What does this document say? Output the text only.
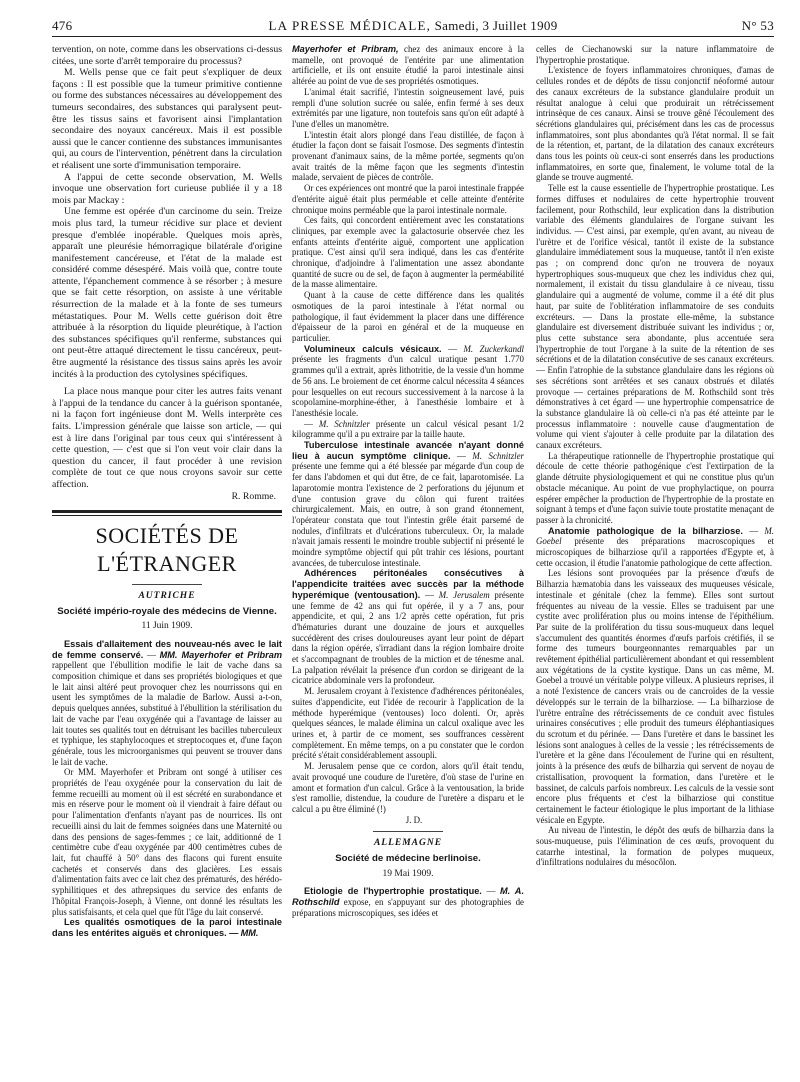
476	LA PRESSE MÉDICALE, Samedi, 3 Juillet 1909	N° 53

tervention, on note, comme dans les observations ci-dessus citées, une sorte d'arrêt temporaire du processus?

M. Wells pense que ce fait peut s'expliquer de deux façons : Il est possible que la tumeur primitive contienne ou forme des substances nécessaires au développement des tumeurs secondaires, des substances qui paralysent peut-être les tissus sains et favorisent ainsi l'implantation secondaire des noyaux cancéreux. Mais il est possible aussi que le cancer contienne des substances immunisantes qui, au cours de l'intervention, pénètrent dans la circulation et réalisent une sorte d'immunisation temporaire.

A l'appui de cette seconde observation, M. Wells invoque une observation fort curieuse publiée il y a 18 mois par Mackay :

Une femme est opérée d'un carcinome du sein. Treize mois plus tard, la tumeur récidive sur place et devient presque d'emblée inopérable. Quelques mois après, apparaît une pleurésie hémorragique bilatérale d'origine manifestement cancéreuse, et l'état de la malade est considéré comme désespéré. Mais voilà que, contre toute attente, l'épanchement commence à se résorber ; à mesure que se fait cette résorption, on assiste à une véritable résurrection de la malade et à la fonte de ses tumeurs métastatiques. Pour M. Wells cette guérison doit être attribuée à la résorption du liquide pleurétique, à l'action des substances spécifiques qu'il renferme, substances qui ont peut-être attaqué directement le tissu cancéreux, peut-être augmenté la résistance des tissus sains après les avoir incités à la production des cytolysines spécifiques.

La place nous manque pour citer les autres faits venant à l'appui de la tendance du cancer à la guérison spontanée, ni la façon fort ingénieuse dont M. Wells interprète ces faits. L'impression générale que laisse son article, — qui est à lire dans l'original par tous ceux qui s'intéressent à cette question, — c'est que si l'on veut voir clair dans la question du cancer, il faut procéder à une revision complète de tout ce que nous croyons savoir sur cette affection.

R. Romme.

SOCIÉTÉS DE L'ÉTRANGER
AUTRICHE
Société império-royale des médecins de Vienne.
11 Juin 1909.

Essais d'allaitement des nouveau-nés avec le lait de femme conservé. — MM. Mayerhofer et Pribram rappellent que l'ébullition modifie le lait de vache dans sa composition chimique et dans ses propriétés biologiques et que le lait ainsi altéré peut provoquer chez les nourrissons qui en usent les symptômes de la maladie de Barlow. Aussi a-t-on, depuis quelques années, substitué à l'ébullition la stérilisation du lait de vache par l'eau oxygénée qui a l'avantage de laisser au lait toutes ses qualités tout en détruisant les bacilles tuberculeux et typhique, les staphylocoques et streptocoques et, d'une façon générale, tous les microorganismes qui peuvent se trouver dans le lait de vache.

Or MM. Mayerhofer et Pribram ont songé à utiliser ces propriétés de l'eau oxygénée pour la conservation du lait de femme recueilli au moment où il est sécrété en surabondance et mis en réserve pour le moment où il viendrait à faire défaut ou pour l'alimentation d'enfants n'ayant pas de nourrices. Ils ont recueilli ainsi du lait de femmes soignées dans une Maternité ou dans des pensions de sages-femmes ; ce lait, additionné de 1 centimètre cube d'eau oxygénée par 400 centimètres cubes de lait, fut chauffé à 50° dans des flacons qui furent ensuite cachetés et conservés dans des glacières. Les essais d'alimentation faits avec ce lait chez des prématurés, des hérédo-syphilitiques et des athrepsiques du service des enfants de l'hôpital François-Joseph, à Vienne, ont donné les résultats les plus satisfaisants, et cela quel que fût l'âge du lait conservé.

Les qualités osmotiques de la paroi intestinale dans les entérites aiguës et chroniques. — MM.

Mayerhofer et Pribram, chez des animaux encore à la mamelle, ont provoqué de l'entérite par une alimentation artificielle, et ils ont ensuite étudié la paroi intestinale ainsi altérée au point de vue de ses propriétés osmotiques.

L'animal était sacrifié, l'intestin soigneusement lavé, puis rempli d'une solution sucrée ou salée, enfin fermé à ses deux extrémités par une ligature, non toutefois sans qu'on eût adapté à l'une d'elles un manomètre.

L'intestin était alors plongé dans l'eau distillée, de façon à étudier la façon dont se faisait l'osmose. Des segments d'intestin provenant d'animaux sains, de la même portée, segments qu'on avait traités de la même façon que les segments d'intestin malade, servaient de pièces de contrôle.

Or ces expériences ont montré que la paroi intestinale frappée d'entérite aiguë était plus perméable et celle atteinte d'entérite chronique moins perméable que la paroi intestinale normale.

Ces faits, qui concordent entièrement avec les constatations cliniques, par exemple avec la galactosurie observée chez les enfants atteints d'entérite aiguë, comportent une application pratique. C'est ainsi qu'il sera indiqué, dans les cas d'entérite chronique, d'adjoindre à l'alimentation une assez abondante quantité de sucre ou de sel, de façon à augmenter la perméabilité de la masse alimentaire.

Quant à la cause de cette différence dans les qualités osmotiques de la paroi intestinale à l'état normal ou pathologique, il faut évidemment la placer dans une différence d'épaisseur de la paroi en général et de la muqueuse en particulier.

Volumineux calculs vésicaux. — M. Zuckerkandl présente les fragments d'un calcul uratique pesant 1.770 grammes qu'il a extrait, après lithotritie, de la vessie d'un homme de 56 ans. Le broiement de cet énorme calcul nécessita 4 séances pour lesquelles on eut recours successivement à la narcose à la scopolamine-morphine-éther, à l'anesthésie lombaire et à l'anesthésie locale.

— M. Schnitzler présente un calcul vésical pesant 1/2 kilogramme qu'il a pu extraire par la taille haute.

Tuberculose intestinale avancée n'ayant donné lieu à aucun symptôme clinique. — M. Schnitzler présente une femme qui a été blessée par mégarde d'un coup de fer dans l'abdomen et qui dut être, de ce fait, laparotomisée. La laparotomie montra l'existence de 2 perforations du jéjunum et d'une contusion grave du côlon qui furent traitées chirurgicalement. Mais, en outre, à son grand étonnement, l'opérateur constata que tout l'intestin grêle était parsemé de nodules, d'infiltrats et d'ulcérations tuberculeux. Or, la malade n'avait jamais ressenti le moindre trouble subjectif ni présenté le moindre symptôme objectif qui pût trahir ces lésions, pourtant avancées, de tuberculose intestinale.

Adhérences péritonéales consécutives à l'appendicite traitées avec succès par la méthode hyperémique (ventousation). — M. Jerusalem présente une femme de 42 ans qui fut opérée, il y a 7 ans, pour appendicite, et qui, 2 ans 1/2 après cette opération, fut pris d'hématuries durant une douzaine de jours et auxquelles succédèrent des crises douloureuses ayant leur point de départ dans la région opérée, s'irradiant dans la région lombaire droite et s'accompagnant de troubles de la miction et de ténesme anal. La palpation révélait la présence d'un cordon se dirigeant de la cicatrice abdominale vers la profondeur.

M. Jerusalem croyant à l'existence d'adhérences péritonéales, suites d'appendicite, eut l'idée de recourir à l'application de la méthode hyperémique (ventouses) loco dolenti. Or, après quelques séances, le malade élimina un calcul oxalique avec les urines et, à partir de ce moment, ses souffrances cessèrent complètement. En même temps, on a pu constater que le cordon précité s'était considérablement assoupli.

M. Jerusalem pense que ce cordon, alors qu'il était tendu, avait provoqué une coudure de l'uretère, d'où stase de l'urine en amont et formation d'un calcul. Grâce à la ventousation, la bride s'est ramollie, distendue, la coudure de l'uretère a disparu et le calcul a pu être éliminé (!)

J. D.

ALLEMAGNE
Société de médecine berlinoise.
19 Mai 1909.

Etiologie de l'hypertrophie prostatique. — M. A. Rothschild expose, en s'appuyant sur des photographies de préparations microscopiques, ses idées et

celles de Ciechanowski sur la nature inflammatoire de l'hypertrophie prostatique.

L'existence de foyers inflammatoires chroniques, d'amas de cellules rondes et de dépôts de tissu conjonctif néoformé autour des canaux excréteurs de la substance glandulaire produit un résultat analogue à celui que produirait un rétrécissement intrinsèque de ces canaux. Ainsi se trouve gêné l'écoulement des sécrétions glandulaires qui, précisément dans les cas de processus inflammatoires, sont plus abondantes qu'à l'état normal. Il se fait de la rétention, et, partant, de la dilatation des canaux excréteurs dans tous les points où ceux-ci sont enserrés dans les productions inflammatoires, en sorte que, finalement, le volume total de la glande se trouve augmenté.

Telle est la cause essentielle de l'hypertrophie prostatique. Les formes diffuses et nodulaires de cette hypertrophie trouvent facilement, pour Rothschild, leur explication dans la distribution variable des éléments glandulaires de l'organe suivant les individus. — C'est ainsi, par exemple, qu'en avant, au niveau de l'urètre et de l'orifice vésical, tantôt il existe de la substance glandulaire immédiatement sous la muqueuse, tantôt il n'en existe pas ; on comprend donc qu'on ne trouvera de noyaux hypertrophiques sous-muqueux que chez les individus chez qui, normalement, il existait du tissu glandulaire à ce niveau, tissu glandulaire qui a augmenté de volume, comme il a été dit plus haut, par suite de l'oblitération inflammatoire de ses conduits excréteurs. — Dans la prostate elle-même, la substance glandulaire est diversement distribuée suivant les individus ; or, plus cette substance sera abondante, plus accentuée sera l'hypertrophie de tout l'organe à la suite de la rétention de ses sécrétions et de la dilatation consécutive de ses canaux excréteurs. — Enfin l'atrophie de la substance glandulaire dans les régions où ses sécrétions sont arrêtées et ses canaux obstrués et dilatés provoque — certaines préparations de M. Rothschild sont très démonstratives à cet égard — une hypertrophie compensatrice de la substance glandulaire là où celle-ci n'a pas été atteinte par le processus inflammatoire : nouvelle cause d'augmentation de volume qui vient s'ajouter à celle produite par la dilatation des canaux excréteurs.

La thérapeutique rationnelle de l'hypertrophie prostatique qui découle de cette théorie pathogénique c'est l'extirpation de la glande détruite physiologiquement et qui ne constitue plus qu'un obstacle mécanique. Au point de vue prophylactique, on pourra espérer empêcher la production de l'hypertrophie de la prostate en soignant à temps et d'une façon suivie toute prostatite menaçant de passer à la chronicité.

Anatomie pathologique de la bilharziose. — M. Goebel présente des préparations macroscopiques et microscopiques de bilharziose qu'il a rapportées d'Egypte et, à cette occasion, il étudie l'anatomie pathologique de cette affection.

Les lésions sont provoquées par la présence d'œufs de Bilharzia hæmatobia dans les vaisseaux des muqueuses vésicale, intestinale et génitale (chez la femme). Elles sont surtout fréquentes au niveau de la vessie. Elles se traduisent par une cystite avec prolifération plus ou moins intense de l'épithélium. Par suite de la prolifération du tissu sous-muqueux dans lequel s'accumulent des quantités énormes d'œufs parfois crétifiés, il se forme des tumeurs bourgeonnantes remarquables par un revêtement épithélial particulièrement abondant et qui ressemblent aux végétations de la cystite kystique. Dans un cas même, M. Goebel a trouvé un véritable polype villeux. A plusieurs reprises, il a noté l'existence de cancers vrais ou de cancroïdes de la vessie développés sur le terrain de la bilharziose. — La bilharziose de l'urètre entraîne des rétrécissements de ce conduit avec fistules urinaires consécutives ; elle produit des tumeurs éléphantiasiques du scrotum et du périnée. — Dans l'uretère et dans le bassinet les lésions sont analogues à celles de la vessie ; les rétrécissements de l'uretère et la gêne dans l'écoulement de l'urine qui en résultent, joints à la présence des œufs de bilharzia qui servent de noyau de cristallisation, provoquent la formation, dans l'uretère et le bassinet, de calculs parfois nombreux. Les calculs de la vessie sont encore plus fréquents et c'est la bilharziose qui constitue certainement le facteur étiologique le plus important de la lithiase vésicale en Egypte.

Au niveau de l'intestin, le dépôt des œufs de bilharzia dans la sous-muqueuse, puis l'élimination de ces œufs, provoquent du catarrhe intestinal, la formation de polypes muqueux, d'infiltrations nodulaires du mésocôlon.
